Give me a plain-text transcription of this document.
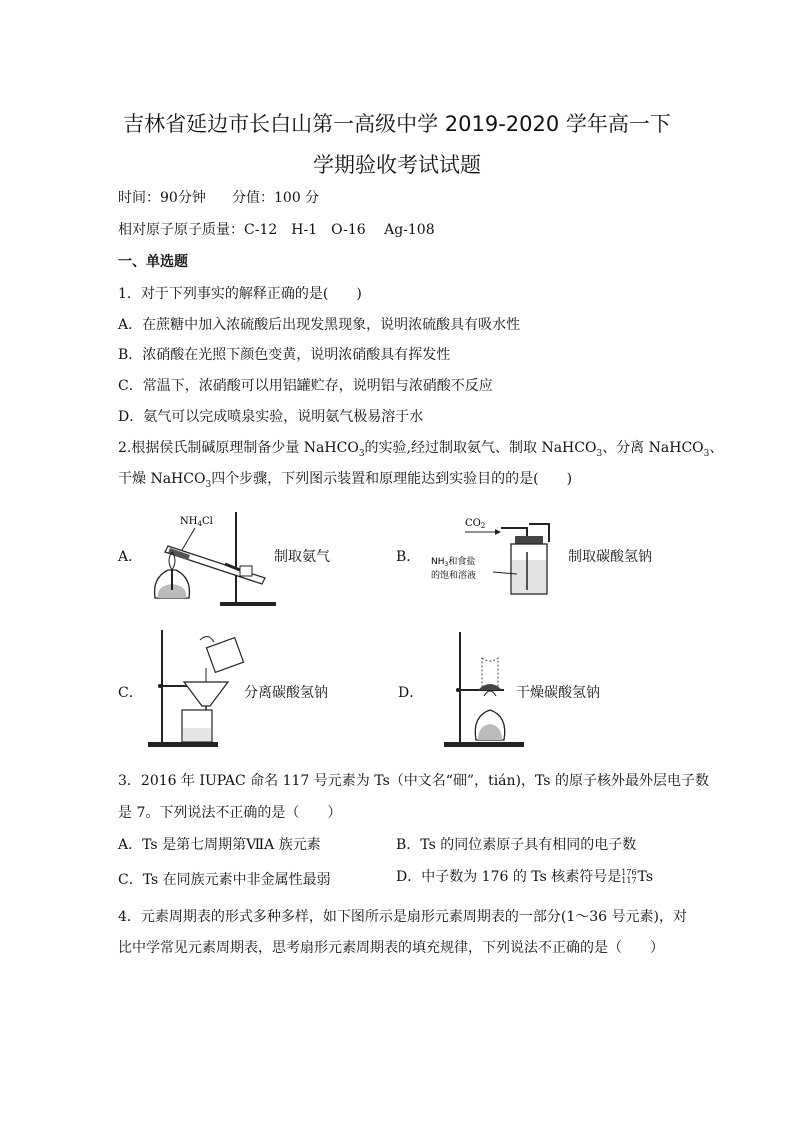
吉林省延边市长白山第一高级中学 2019-2020 学年高一下
学期验收考试试题
时间：90分钟 分值：100 分
相对原子原子质量：C-12　H-1　O-16　 Ag-108
一、单选题
1．对于下列事实的解释正确的是(　　)
A．在蔗糖中加入浓硫酸后出现发黑现象，说明浓硫酸具有吸水性
B．浓硝酸在光照下颜色变黄，说明浓硝酸具有挥发性
C．常温下，浓硝酸可以用铝罐贮存，说明铝与浓硝酸不反应
D．氨气可以完成喷泉实验，说明氨气极易溶于水
2.根据侯氏制碱原理制备少量 NaHCO$_3$的实验,经过制取氨气、制取 NaHCO$_3$、分离 NaHCO$_3$、
干燥 NaHCO$_3$四个步骤，下列图示装置和原理能达到实验目的的是(　　)
A．
$NH_4Cl$
制取氨气	B．
$CO_2$
$NH_3$和食盐
的饱和溶液
制取碳酸氢钠
C．	分离碳酸氢钠	D．	干燥碳酸氢钠
3．2016 年 IUPAC 命名 117 号元素为 Ts（中文名“鿬”，tián)，Ts 的原子核外最外层电子数
是 7。下列说法不正确的是（　　）
A．Ts 是第七周期第ⅦA 族元素	B．Ts 的同位素原子具有相同的电子数
C．Ts 在同族元素中非金属性最弱	D．中子数为 176 的 Ts 核素符号是176
117Ts
4．元素周期表的形式多种多样，如下图所示是扇形元素周期表的一部分(1～36 号元素)，对
比中学常见元素周期表，思考扇形元素周期表的填充规律，下列说法不正确的是（　　）
